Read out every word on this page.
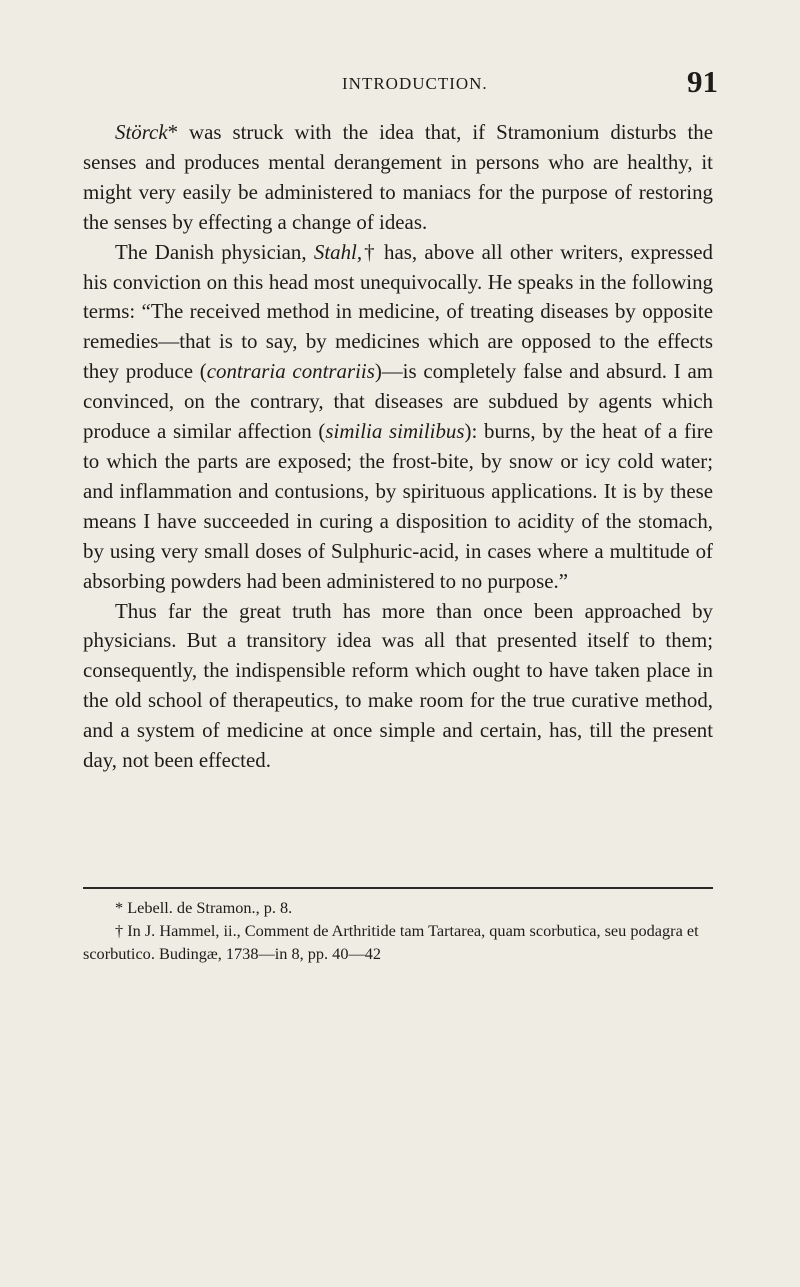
INTRODUCTION.	91

Störck* was struck with the idea that, if Stramonium disturbs the senses and produces mental derangement in persons who are healthy, it might very easily be administered to maniacs for the purpose of restoring the senses by effecting a change of ideas.

The Danish physician, Stahl,† has, above all other writers, expressed his conviction on this head most unequivocally. He speaks in the following terms: “The received method in medicine, of treating diseases by opposite remedies—that is to say, by medicines which are opposed to the effects they produce (contraria contrariis)—is completely false and absurd. I am convinced, on the contrary, that diseases are subdued by agents which produce a similar affection (similia similibus): burns, by the heat of a fire to which the parts are exposed; the frost-bite, by snow or icy cold water; and inflammation and contusions, by spirituous applications. It is by these means I have succeeded in curing a disposition to acidity of the stomach, by using very small doses of Sulphuric-acid, in cases where a multitude of absorbing powders had been administered to no purpose.”

Thus far the great truth has more than once been approached by physicians. But a transitory idea was all that presented itself to them; consequently, the indispensible reform which ought to have taken place in the old school of therapeutics, to make room for the true curative method, and a system of medicine at once simple and certain, has, till the present day, not been effected.

* Lebell. de Stramon., p. 8.

† In J. Hammel, ii., Comment de Arthritide tam Tartarea, quam scorbutica, seu podagra et scorbutico. Budingæ, 1738—in 8, pp. 40—42
